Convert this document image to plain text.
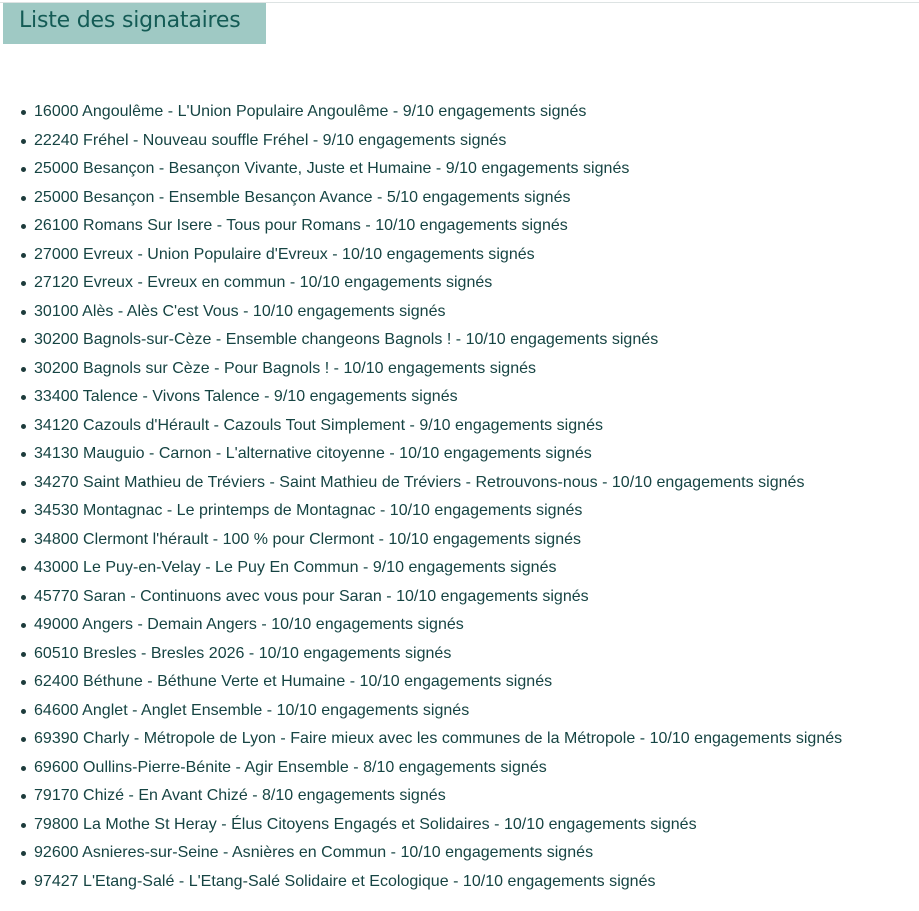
Liste des signataires
16000 Angoulême - L'Union Populaire Angoulême - 9/10 engagements signés
22240 Fréhel - Nouveau souffle Fréhel - 9/10 engagements signés
25000 Besançon - Besançon Vivante, Juste et Humaine - 9/10 engagements signés
25000 Besançon - Ensemble Besançon Avance - 5/10 engagements signés
26100 Romans Sur Isere - Tous pour Romans - 10/10 engagements signés
27000 Evreux - Union Populaire d'Evreux - 10/10 engagements signés
27120 Evreux - Evreux en commun - 10/10 engagements signés
30100 Alès - Alès C'est Vous - 10/10 engagements signés
30200 Bagnols-sur-Cèze - Ensemble changeons Bagnols ! - 10/10 engagements signés
30200 Bagnols sur Cèze - Pour Bagnols ! - 10/10 engagements signés
33400 Talence - Vivons Talence - 9/10 engagements signés
34120 Cazouls d'Hérault - Cazouls Tout Simplement - 9/10 engagements signés
34130 Mauguio - Carnon - L'alternative citoyenne - 10/10 engagements signés
34270 Saint Mathieu de Tréviers - Saint Mathieu de Tréviers - Retrouvons-nous - 10/10 engagements signés
34530 Montagnac - Le printemps de Montagnac - 10/10 engagements signés
34800 Clermont l'hérault - 100 % pour Clermont - 10/10 engagements signés
43000 Le Puy-en-Velay - Le Puy En Commun - 9/10 engagements signés
45770 Saran - Continuons avec vous pour Saran - 10/10 engagements signés
49000 Angers - Demain Angers - 10/10 engagements signés
60510 Bresles - Bresles 2026 - 10/10 engagements signés
62400 Béthune - Béthune Verte et Humaine - 10/10 engagements signés
64600 Anglet - Anglet Ensemble - 10/10 engagements signés
69390 Charly - Métropole de Lyon - Faire mieux avec les communes de la Métropole - 10/10 engagements signés
69600 Oullins-Pierre-Bénite - Agir Ensemble - 8/10 engagements signés
79170 Chizé - En Avant Chizé - 8/10 engagements signés
79800 La Mothe St Heray - Élus Citoyens Engagés et Solidaires - 10/10 engagements signés
92600 Asnieres-sur-Seine - Asnières en Commun - 10/10 engagements signés
97427 L'Etang-Salé - L'Etang-Salé Solidaire et Ecologique - 10/10 engagements signés
